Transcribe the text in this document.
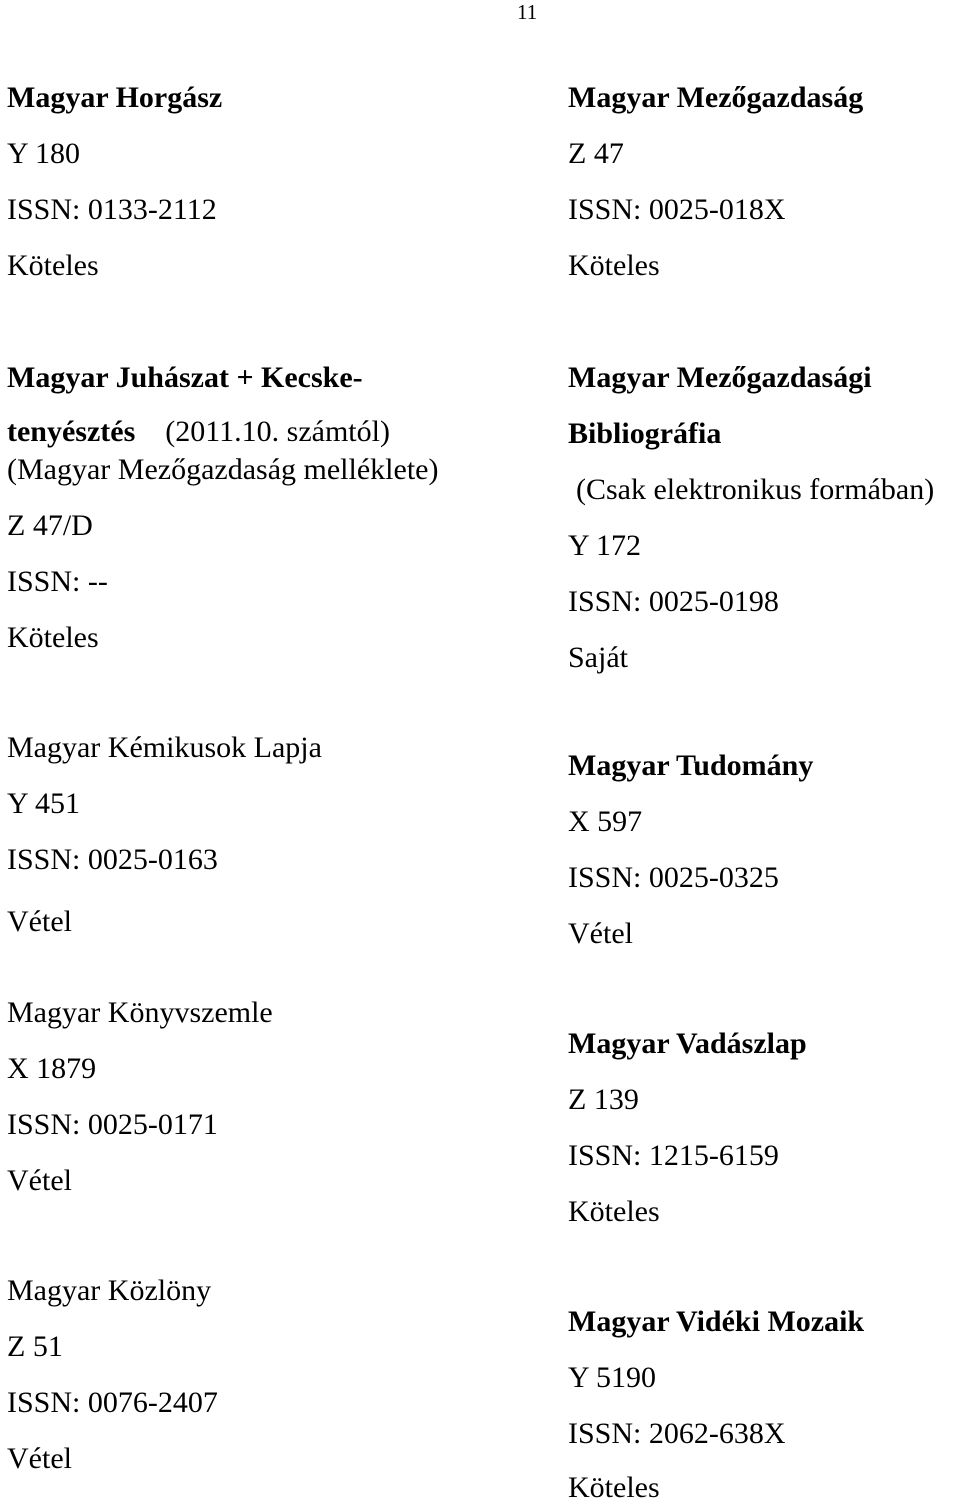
11
Magyar Horgász
Y 180
ISSN: 0133-2112
Köteles
Magyar Mezőgazdaság
Z 47
ISSN: 0025-018X
Köteles
Magyar Juhászat + Kecske-
tenyésztés (2011.10. számtól)
(Magyar Mezőgazdaság melléklete)
Z 47/D
ISSN: --
Köteles
Magyar Mezőgazdasági
Bibliográfia
(Csak elektronikus formában)
Y 172
ISSN: 0025-0198
Saját
Magyar Kémikusok Lapja
Y 451
ISSN: 0025-0163
Vétel
Magyar Tudomány
X 597
ISSN: 0025-0325
Vétel
Magyar Könyvszemle
X 1879
ISSN: 0025-0171
Vétel
Magyar Vadászlap
Z 139
ISSN: 1215-6159
Köteles
Magyar Közlöny
Z 51
ISSN: 0076-2407
Vétel
Magyar Vidéki Mozaik
Y 5190
ISSN: 2062-638X
Köteles
